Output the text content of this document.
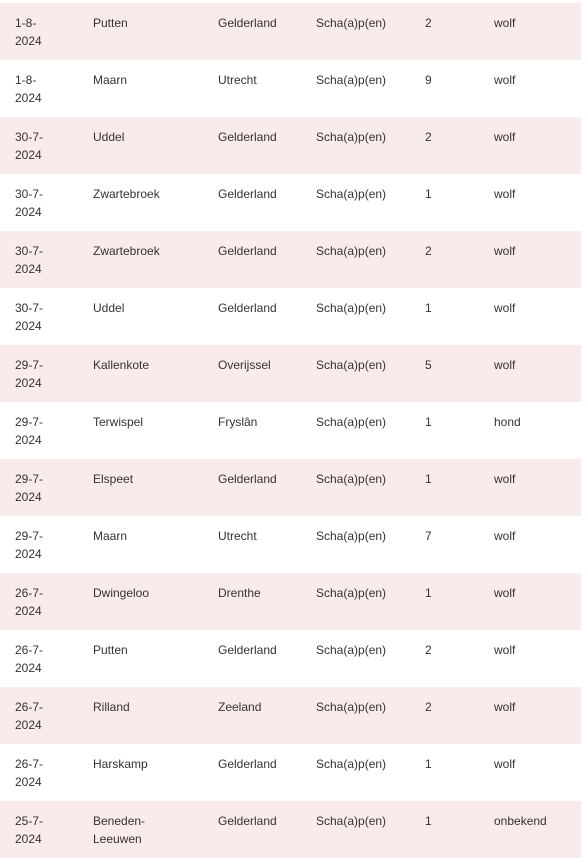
1-8-
2024	Putten	Gelderland	Scha(a)p(en)	2	wolf

1-8-
2024	Maarn	Utrecht	Scha(a)p(en)	9	wolf

30-7-
2024	Uddel	Gelderland	Scha(a)p(en)	2	wolf

30-7-
2024	Zwartebroek	Gelderland	Scha(a)p(en)	1	wolf

30-7-
2024	Zwartebroek	Gelderland	Scha(a)p(en)	2	wolf

30-7-
2024	Uddel	Gelderland	Scha(a)p(en)	1	wolf

29-7-
2024	Kallenkote	Overijssel	Scha(a)p(en)	5	wolf

29-7-
2024	Terwispel	Fryslân	Scha(a)p(en)	1	hond

29-7-
2024	Elspeet	Gelderland	Scha(a)p(en)	1	wolf

29-7-
2024	Maarn	Utrecht	Scha(a)p(en)	7	wolf

26-7-
2024	Dwingeloo	Drenthe	Scha(a)p(en)	1	wolf

26-7-
2024	Putten	Gelderland	Scha(a)p(en)	2	wolf

26-7-
2024	Rilland	Zeeland	Scha(a)p(en)	2	wolf

26-7-
2024	Harskamp	Gelderland	Scha(a)p(en)	1	wolf

25-7-
2024	Beneden-
Leeuwen	Gelderland	Scha(a)p(en)	1	onbekend
